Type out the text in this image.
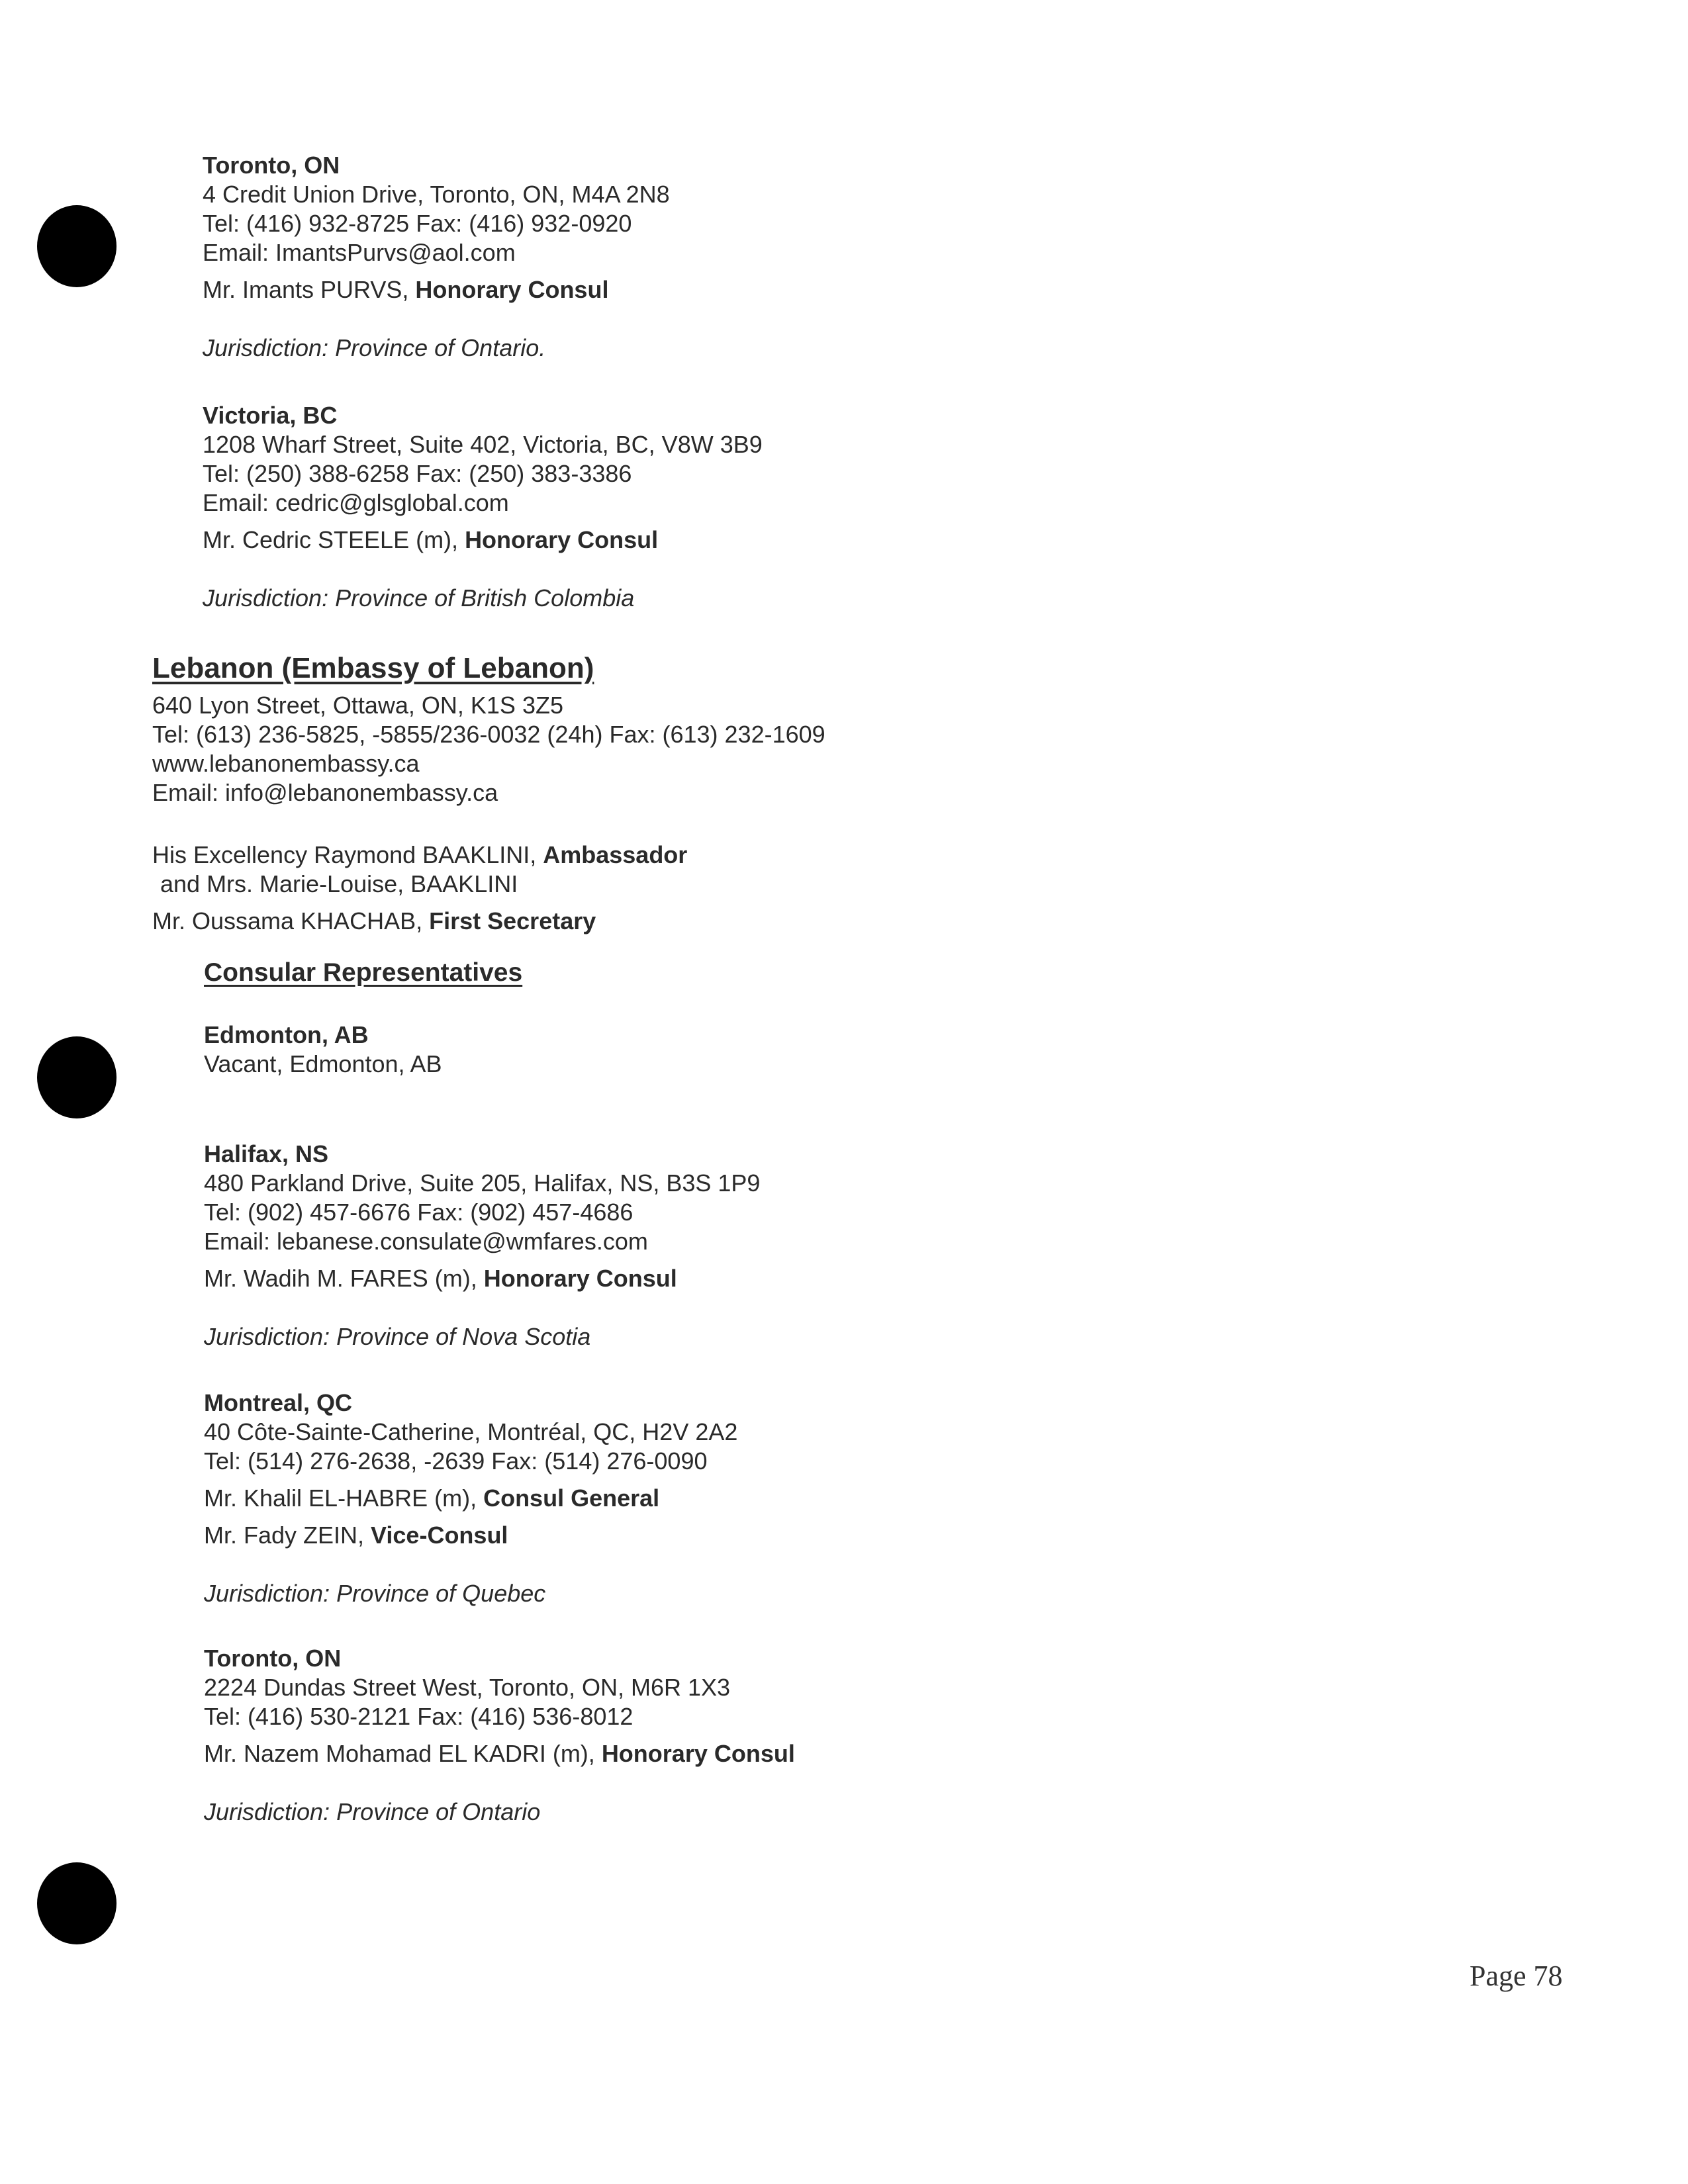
Toronto, ON
4 Credit Union Drive, Toronto, ON, M4A 2N8
Tel: (416) 932-8725 Fax: (416) 932-0920
Email: ImantsPurvs@aol.com
Mr. Imants PURVS, Honorary Consul
Jurisdiction: Province of Ontario.
Victoria, BC
1208 Wharf Street, Suite 402, Victoria, BC, V8W 3B9
Tel: (250) 388-6258 Fax: (250) 383-3386
Email: cedric@glsglobal.com
Mr. Cedric STEELE (m), Honorary Consul
Jurisdiction: Province of British Colombia
Lebanon (Embassy of Lebanon)
640 Lyon Street, Ottawa, ON, K1S 3Z5
Tel: (613) 236-5825, -5855/236-0032 (24h) Fax: (613) 232-1609
www.lebanonembassy.ca
Email: info@lebanonembassy.ca
His Excellency Raymond BAAKLINI, Ambassador
and Mrs. Marie-Louise, BAAKLINI
Mr. Oussama KHACHAB, First Secretary
Consular Representatives
Edmonton, AB
Vacant, Edmonton, AB
Halifax, NS
480 Parkland Drive, Suite 205, Halifax, NS, B3S 1P9
Tel: (902) 457-6676 Fax: (902) 457-4686
Email: lebanese.consulate@wmfares.com
Mr. Wadih M. FARES (m), Honorary Consul
Jurisdiction: Province of Nova Scotia
Montreal, QC
40 Côte-Sainte-Catherine, Montréal, QC, H2V 2A2
Tel: (514) 276-2638, -2639 Fax: (514) 276-0090
Mr. Khalil EL-HABRE (m), Consul General
Mr. Fady ZEIN, Vice-Consul
Jurisdiction: Province of Quebec
Toronto, ON
2224 Dundas Street West, Toronto, ON, M6R 1X3
Tel: (416) 530-2121 Fax: (416) 536-8012
Mr. Nazem Mohamad EL KADRI (m), Honorary Consul
Jurisdiction: Province of Ontario
Page 78
